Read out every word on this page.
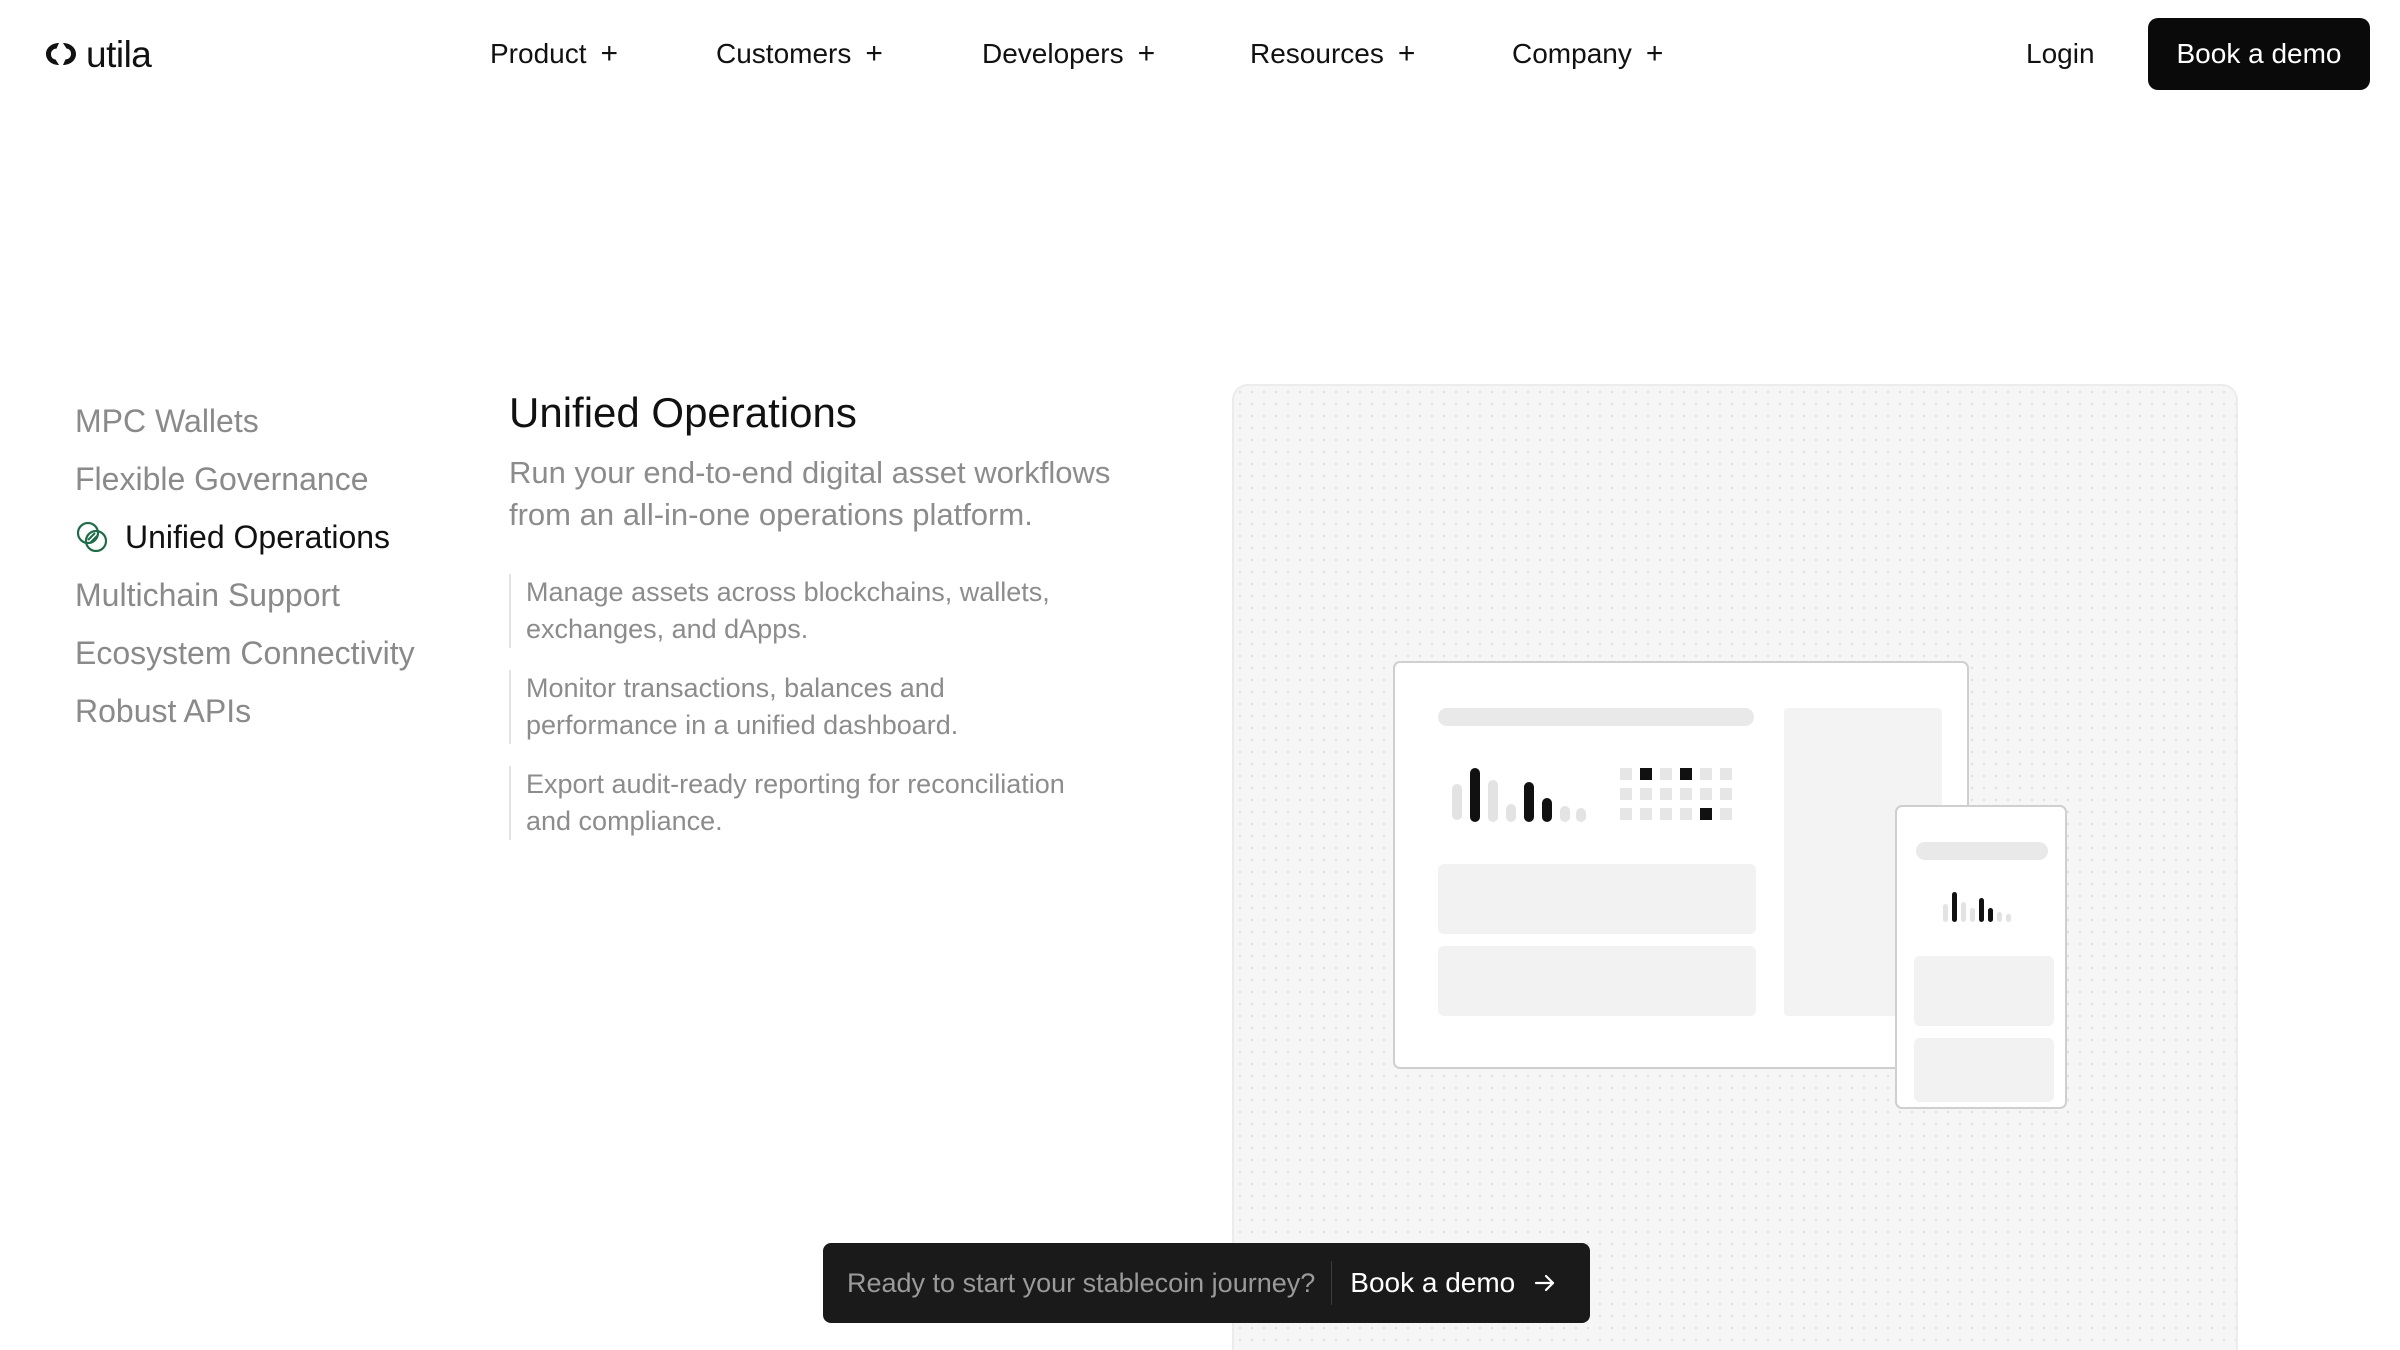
utila	Product +	Customers +	Developers +	Resources +	Company +	Login	Book a demo
MPC Wallets
Flexible Governance
Unified Operations
Multichain Support
Ecosystem Connectivity
Robust APIs
Unified Operations

Run your end-to-end digital asset workflows from an all-in-one operations platform.

Manage assets across blockchains, wallets, exchanges, and dApps.
Monitor transactions, balances and performance in a unified dashboard.
Export audit-ready reporting for reconciliation and compliance.
Ready to start your stablecoin journey? Book a demo
